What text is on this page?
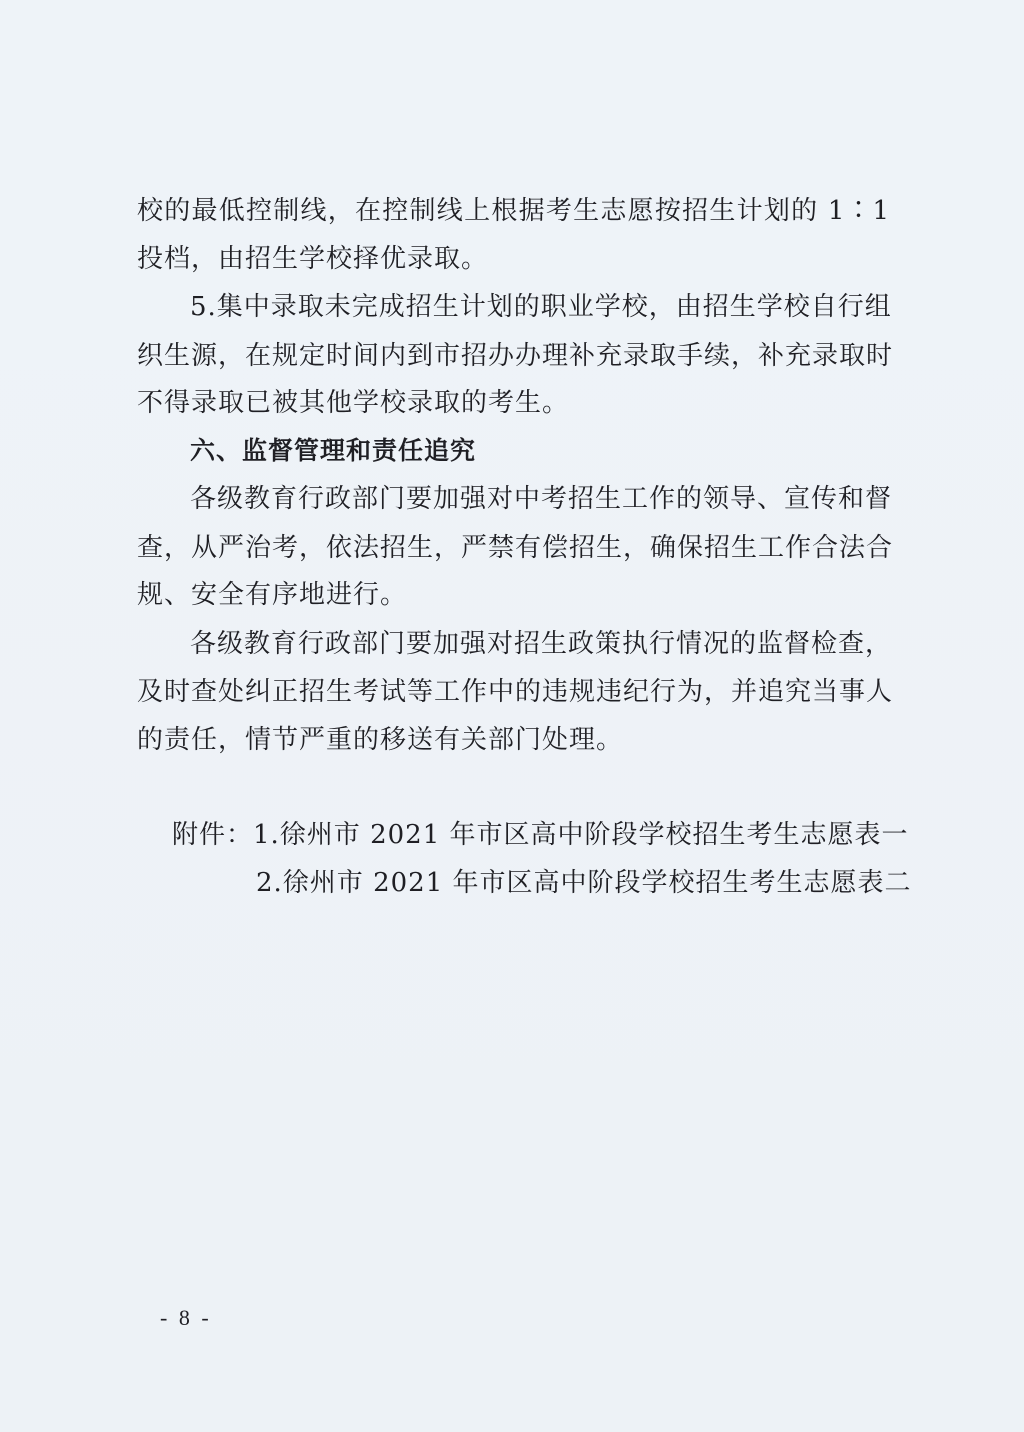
校的最低控制线，在控制线上根据考生志愿按招生计划的 1∶1
投档，由招生学校择优录取。
5.集中录取未完成招生计划的职业学校，由招生学校自行组
织生源，在规定时间内到市招办办理补充录取手续，补充录取时
不得录取已被其他学校录取的考生。
六、监督管理和责任追究
各级教育行政部门要加强对中考招生工作的领导、宣传和督
查，从严治考，依法招生，严禁有偿招生，确保招生工作合法合
规、安全有序地进行。
各级教育行政部门要加强对招生政策执行情况的监督检查，
及时查处纠正招生考试等工作中的违规违纪行为，并追究当事人
的责任，情节严重的移送有关部门处理。
附件：1.徐州市 2021 年市区高中阶段学校招生考生志愿表一
2.徐州市 2021 年市区高中阶段学校招生考生志愿表二
- 8 -
